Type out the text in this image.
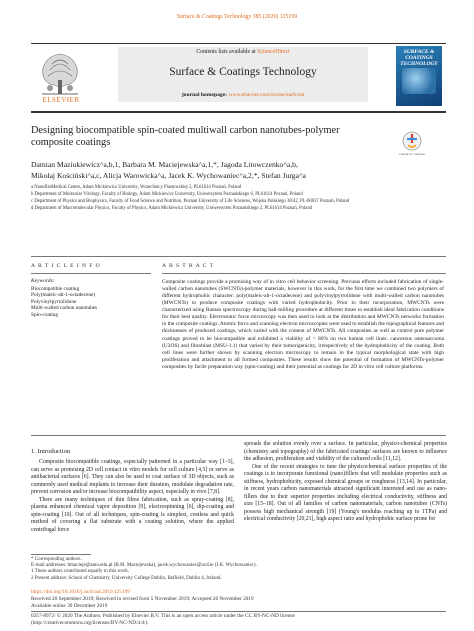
Surface & Coatings Technology 385 (2020) 125199
ELSEVIER
Contents lists available at ScienceDirect
Surface & Coatings Technology
journal homepage: www.elsevier.com/locate/surfcoat
SURFACE & COATINGS TECHNOLOGY
Designing biocompatible spin-coated multiwall carbon nanotubes-polymer
composite coatings
Check for updates
Damian Maziukiewicz^a,b,1, Barbara M. Maciejewska^a,1,*, Jagoda Litowczenko^a,b,
Mikołaj Kościński^a,c, Alicja Warowicka^a, Jacek K. Wychowaniec^a,2,*, Stefan Jurga^a
a NanoBioMedical Centre, Adam Mickiewicz University, Wszechnicy Piastowskiej 3, PL61614 Poznań, Poland
b Department of Molecular Virology, Faculty of Biology, Adam Mickiewicz University, Uniwersytetu Poznańskiego 6, PL61614 Poznań, Poland
c Department of Physics and Biophysics, Faculty of Food Science and Nutrition, Poznań University of Life Sciences, Wojska Polskiego 38/42, PL-60637 Poznań, Poland
d Department of Macromolecular Physics, Faculty of Physics, Adam Mickiewicz University, Uniwersytetu Poznańskiego 2, PL61614 Poznań, Poland
A R T I C L E I N F O	A B S T R A C T
Keywords:
Biocompatible coating
Poly(maleic-alt-1-octadecene)
Polyvinylpyrrolidone
Multi-walled carbon nanotubes
Spin-coating
Composite coatings provide a promising way of in vitro cell behavior screening. Previous efforts included fabrication of single-walled carbon nanotubes (SWCNTs)-polymer materials, however in this work, for the first time we combined two polymers of different hydrophobic character: poly(maleic-alt-1-octadecene) and polyvinylpyrrolidone with multi-walled carbon nanotubes (MWCNTs) to produce composite coatings with varied hydrophobicity. Prior to their incorporation, MWCNTs were characterized using Raman spectroscopy during ball-milling procedure at different times to establish ideal fabrication conditions for their best quality. Electrostatic force microscopy was then used to look at the distribution and MWCNTs networks formation in the composite coatings. Atomic force and scanning electron microscopies were used to establish the topographical features and thicknesses of produced coatings, which varied with the content of MWCNTs. All composites as well as control pure polymer coatings proved to be biocompatible and exhibited a viability of > 80% on two human cell lines: cancerous osteosarcoma (U2OS) and fibroblast (MSU-1.1) that varied by their tumorigenicity, irrespectively of the hydrophobicity of the coating. Both cell lines were further shown by scanning electron microscopy to remain in the typical morphological state with high proliferation and attachment to all formed composites. These results show the potential of formation of MWCNTs-polymer composites by facile preparation way (spin-coating) and their potential as coatings for 2D in vitro cell culture platforms.
1. Introduction

Composite biocompatible coatings, especially patterned in a particular way [1–3], can serve as promising 2D cell contact in vitro models for cell culture [4,5] or serve as antibacterial surfaces [6]. They can also be used to coat surface of 3D objects, such as commonly used medical implants to increase their duration, modulate degradation rate, prevent corrosion and/or increase biocompatibility aspect, especially in vivo [7,8].

There are many techniques of thin films fabrication, such as spray-coating [8], plasma enhanced chemical vapor deposition [9], electrospinning [6], dip-coating and spin-coating [10]. Out of all techniques, spin-coating is simplest, costless and quick method of covering a flat substrate with a coating solution, where the applied centrifugal force

spreads the solution evenly over a surface. In particular, physico-chemical properties (chemistry and topography) of the fabricated coatings' surfaces are known to influence the adhesion, proliferation and viability of the cultured cells [11,12].

One of the recent strategies to tune the physicochemical surface properties of the coatings is to incorporate functional (nano)fillers that will modulate properties such as stiffness, hydrophobicity, exposed chemical groups or roughness [13,14]. In particular, in recent years carbon nanomaterials attracted significant interested and use as nano-fillers due to their superior properties including electrical conductivity, stiffness and size [15–18]. Out of all families of carbon nanomaterials, carbon nanotubes (CNTs) possess high mechanical strength [19] (Young's modulus reaching up to 1TPa) and electrical conductivity [20,21], high aspect ratio and hydrophobic surface prone for

* Corresponding authors.
E-mail addresses: bmacieje@amu.edu.pl (B.M. Maciejewska), jacek.wychowaniec@ucd.ie (J.K. Wychowaniec).
1 These authors contributed equally to this work.
2 Present address: School of Chemistry, University College Dublin, Belfield, Dublin 4, Ireland.
https://doi.org/10.1016/j.surfcoat.2019.125199
Received 20 September 2019; Received in revised form 5 November 2019; Accepted 26 November 2019
Available online 30 December 2019
0257-8972/ © 2020 The Authors. Published by Elsevier B.V. This is an open access article under the CC BY-NC-ND license
(http://creativecommons.org/licenses/BY-NC-ND/4.0/).
